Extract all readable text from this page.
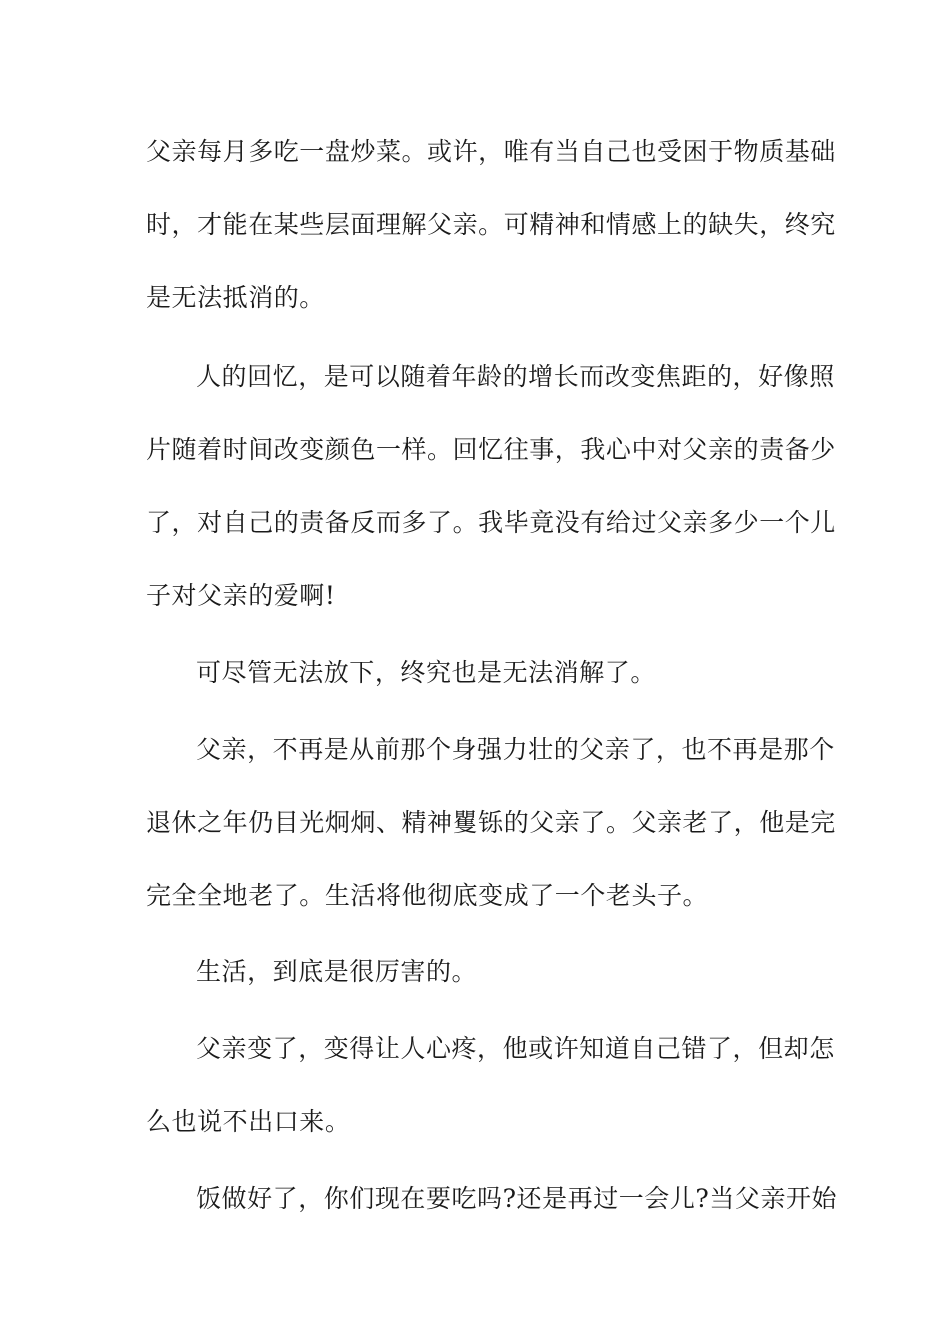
父亲每月多吃一盘炒菜。或许，唯有当自己也受困于物质基础
时，才能在某些层面理解父亲。可精神和情感上的缺失，终究
是无法抵消的。
人的回忆，是可以随着年龄的增长而改变焦距的，好像照
片随着时间改变颜色一样。回忆往事，我心中对父亲的责备少
了，对自己的责备反而多了。我毕竟没有给过父亲多少一个儿
子对父亲的爱啊!
可尽管无法放下，终究也是无法消解了。
父亲，不再是从前那个身强力壮的父亲了，也不再是那个
退休之年仍目光炯炯、精神矍铄的父亲了。父亲老了，他是完
完全全地老了。生活将他彻底变成了一个老头子。
生活，到底是很厉害的。
父亲变了，变得让人心疼，他或许知道自己错了，但却怎
么也说不出口来。
饭做好了，你们现在要吃吗?还是再过一会儿?当父亲开始
